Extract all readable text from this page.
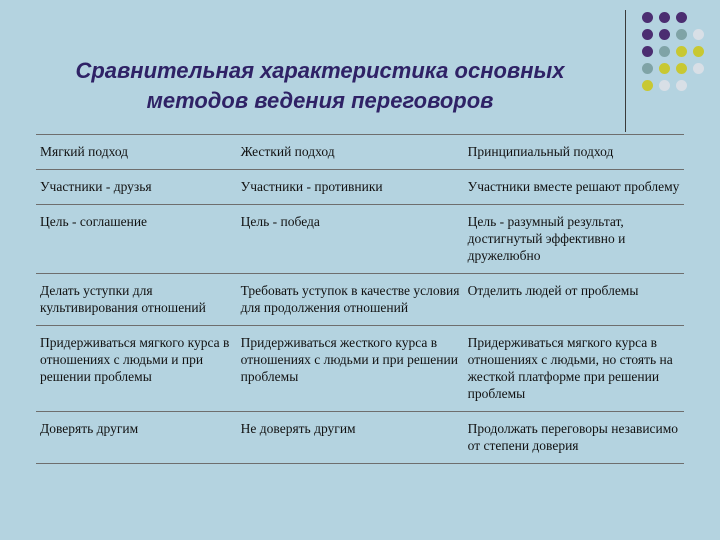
Сравнительная характеристика основных методов ведения переговоров
Мягкий подход	Жесткий подход	Принципиальный подход
Участники - друзья	Участники - противники	Участники вместе решают проблему
Цель - соглашение	Цель - победа	Цель - разумный результат, достигнутый эффективно и дружелюбно
Делать уступки для культивирования отношений	Требовать уступок в качестве условия для продолжения отношений	Отделить людей от проблемы
Придерживаться мягкого курса в отношениях с людьми и при решении проблемы	Придерживаться жесткого курса в отношениях с людьми и при решении проблемы	Придерживаться мягкого курса в отношениях с людьми, но стоять на жесткой платформе при решении проблемы
Доверять другим	Не доверять другим	Продолжать переговоры независимо от степени доверия
